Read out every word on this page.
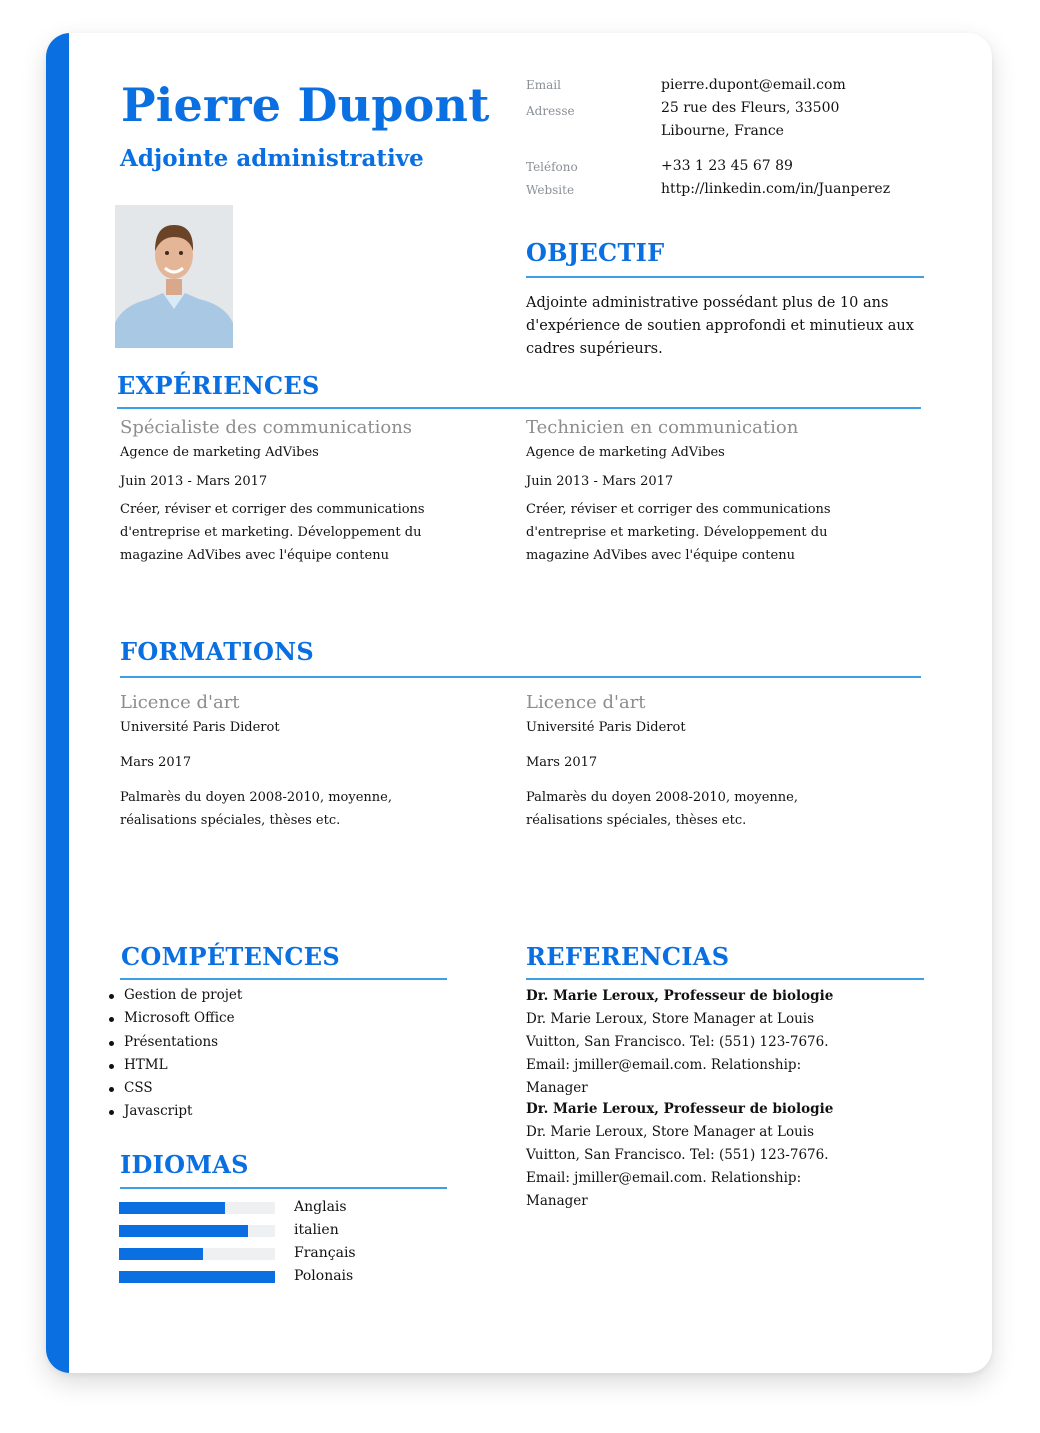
Pierre Dupont
Adjointe administrative
Email	pierre.dupont@email.com
Adresse	25 rue des Fleurs, 33500 Libourne, France
Teléfono	+33 1 23 45 67 89
Website	http://linkedin.com/in/Juanperez
OBJECTIF
Adjointe administrative possédant plus de 10 ans d'expérience de soutien approfondi et minutieux aux cadres supérieurs.
EXPÉRIENCES
Spécialiste des communications
Agence de marketing AdVibes
Juin 2013 - Mars 2017
Créer, réviser et corriger des communications d'entreprise et marketing. Développement du magazine AdVibes avec l'équipe contenu
Technicien en communication
Agence de marketing AdVibes
Juin 2013 - Mars 2017
Créer, réviser et corriger des communications d'entreprise et marketing. Développement du magazine AdVibes avec l'équipe contenu
FORMATIONS
Licence d'art
Université Paris Diderot
Mars 2017
Palmarès du doyen 2008-2010, moyenne, réalisations spéciales, thèses etc.
Licence d'art
Université Paris Diderot
Mars 2017
Palmarès du doyen 2008-2010, moyenne, réalisations spéciales, thèses etc.
COMPÉTENCES
Gestion de projet
Microsoft Office
Présentations
HTML
CSS
Javascript
IDIOMAS
Anglais
italien
Français
Polonais
REFERENCIAS
Dr. Marie Leroux, Professeur de biologie
Dr. Marie Leroux, Store Manager at Louis Vuitton, San Francisco. Tel: (551) 123-7676. Email: jmiller@email.com. Relationship: Manager
Dr. Marie Leroux, Professeur de biologie
Dr. Marie Leroux, Store Manager at Louis Vuitton, San Francisco. Tel: (551) 123-7676. Email: jmiller@email.com. Relationship: Manager
